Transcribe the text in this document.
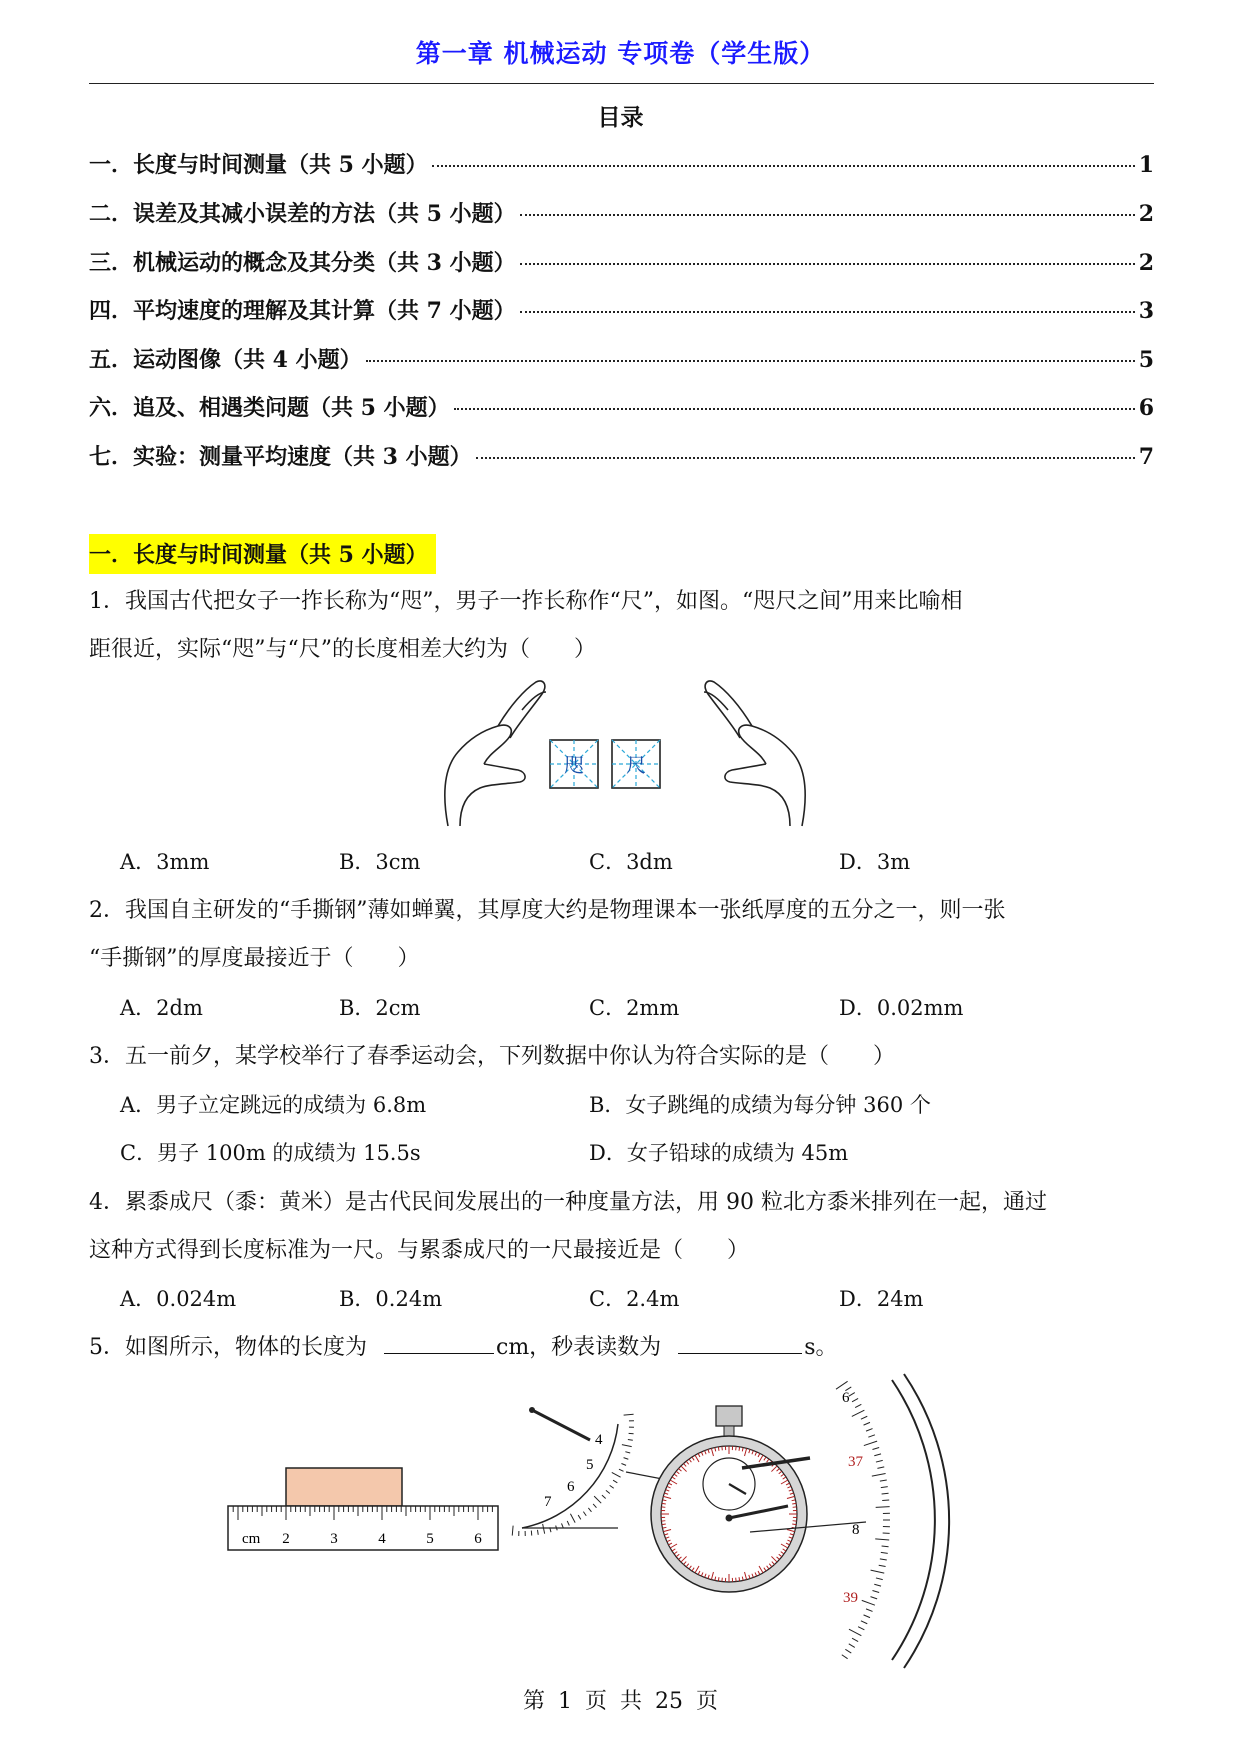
第一章 机械运动 专项卷（学生版）
目录
一．长度与时间测量（共 5 小题）	1
二．误差及其减小误差的方法（共 5 小题）	2
三．机械运动的概念及其分类（共 3 小题）	2
四．平均速度的理解及其计算（共 7 小题）	3
五．运动图像（共 4 小题）	5
六．追及、相遇类问题（共 5 小题）	6
七．实验：测量平均速度（共 3 小题）	7
一．长度与时间测量（共 5 小题）
1．我国古代把女子一拃长称为“咫”，男子一拃长称作“尺”，如图。“咫尺之间”用来比喻相
距很近，实际“咫”与“尺”的长度相差大约为（　　）
咫 尺
A．3mm	B．3cm	C．3dm	D．3m
2．我国自主研发的“手撕钢”薄如蝉翼，其厚度大约是物理课本一张纸厚度的五分之一，则一张
“手撕钢”的厚度最接近于（　　）
A．2dm	B．2cm	C．2mm	D．0.02mm
3．五一前夕，某学校举行了春季运动会，下列数据中你认为符合实际的是（　　）
A．男子立定跳远的成绩为 6.8m	B．女子跳绳的成绩为每分钟 360 个
C．男子 100m 的成绩为 15.5s	D．女子铅球的成绩为 45m
4．累黍成尺（黍：黄米）是古代民间发展出的一种度量方法，用 90 粒北方黍米排列在一起，通过
这种方式得到长度标准为一尺。与累黍成尺的一尺最接近是（　　）
A．0.024m	B．0.24m	C．2.4m	D．24m
5．如图所示，物体的长度为	cm，秒表读数为	s。
cm 2	3	4	5	6
4
5
6
7
6
37
8
39
第 1 页 共 25 页
